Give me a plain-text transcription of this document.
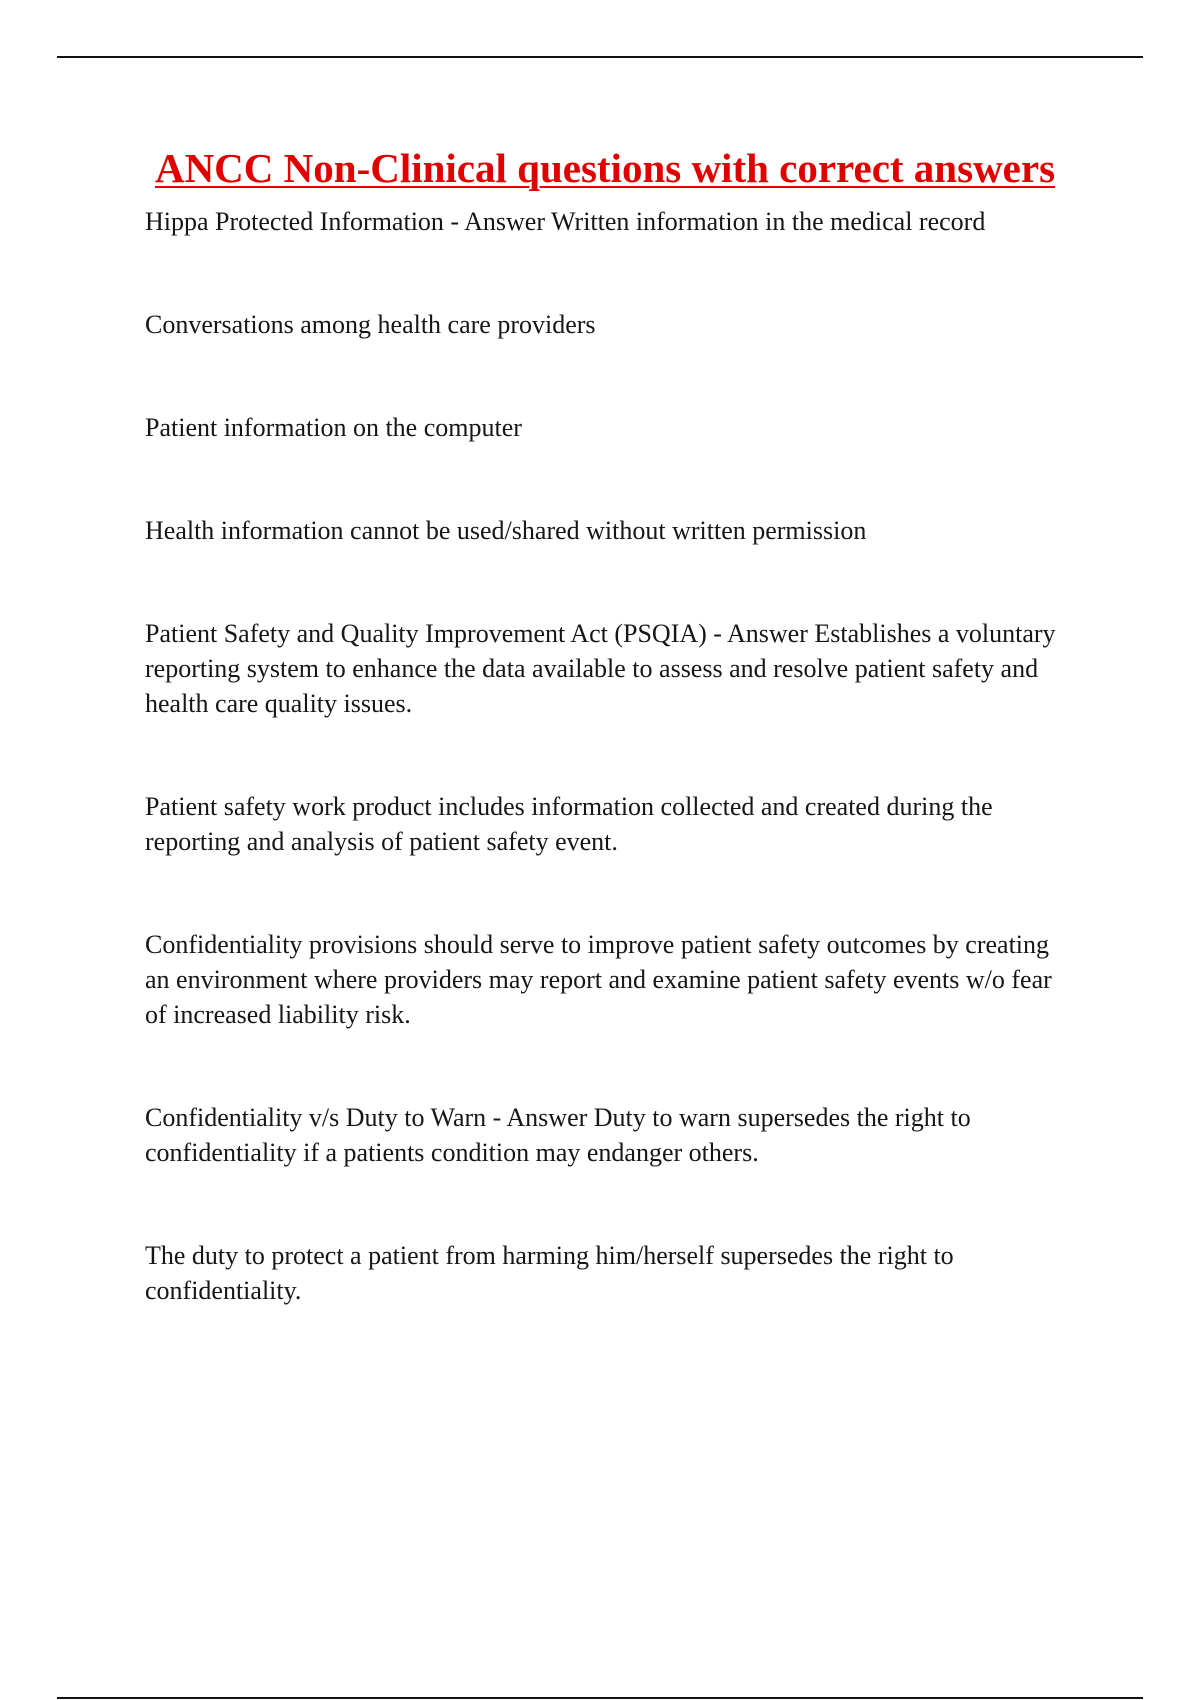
ANCC Non-Clinical questions with correct answers

Hippa Protected Information - Answer Written information in the medical record

Conversations among health care providers

Patient information on the computer

Health information cannot be used/shared without written permission

Patient Safety and Quality Improvement Act (PSQIA) - Answer Establishes a voluntary reporting system to enhance the data available to assess and resolve patient safety and health care quality issues.

Patient safety work product includes information collected and created during the reporting and analysis of patient safety event.

Confidentiality provisions should serve to improve patient safety outcomes by creating an environment where providers may report and examine patient safety events w/o fear of increased liability risk.

Confidentiality v/s Duty to Warn - Answer Duty to warn supersedes the right to confidentiality if a patients condition may endanger others.

The duty to protect a patient from harming him/herself supersedes the right to confidentiality.
